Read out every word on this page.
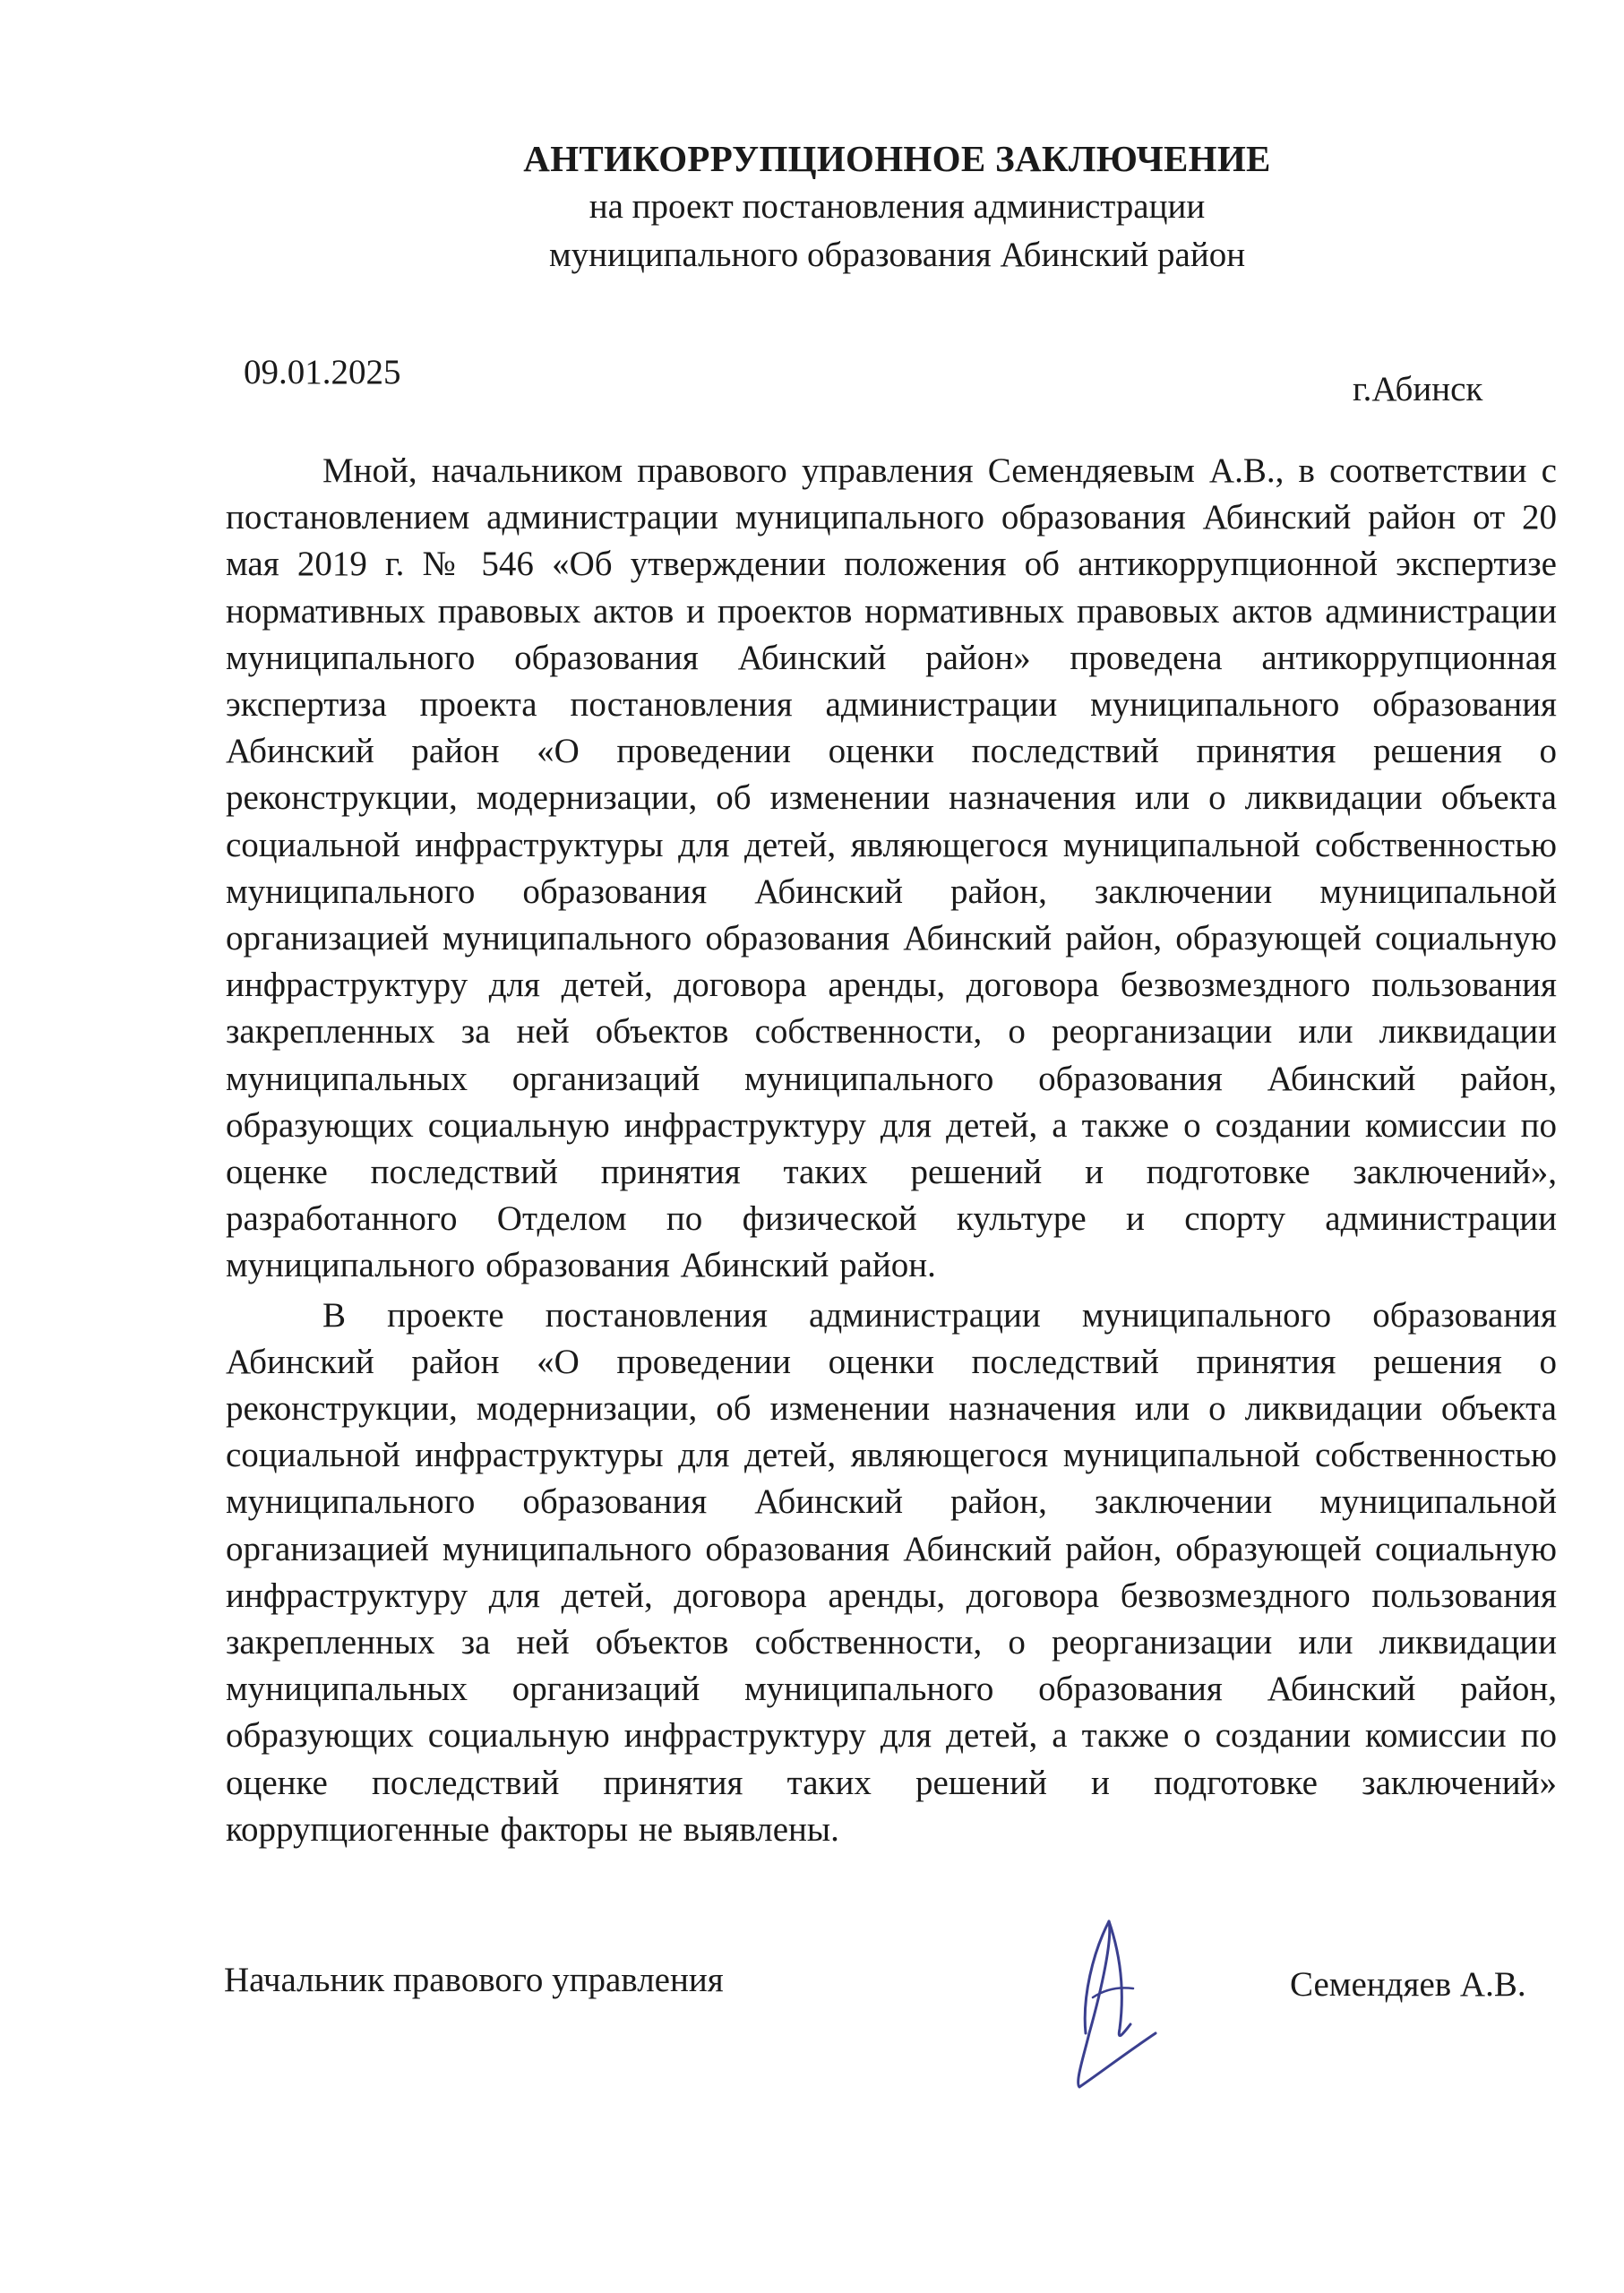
АНТИКОРРУПЦИОННОЕ ЗАКЛЮЧЕНИЕ
на проект постановления администрации
муниципального образования Абинский район
09.01.2025	г.Абинск

Мной, начальником правового управления Семендяевым А.В., в соответствии с постановлением администрации муниципального образования Абинский район от 20 мая 2019 г. № 546 «Об утверждении положения об антикоррупционной экспертизе нормативных правовых актов и проектов нормативных правовых актов администрации муниципального образования Абинский район» проведена антикоррупционная экспертиза проекта постановления администрации муниципального образования Абинский район «О проведении оценки последствий принятия решения о реконструкции, модернизации, об изменении назначения или о ликвидации объекта социальной инфраструктуры для детей, являющегося муниципальной собственностью муниципального образования Абинский район, заключении муниципальной организацией муниципального образования Абинский район, образующей социальную инфраструктуру для детей, договора аренды, договора безвозмездного пользования закрепленных за ней объектов собственности, о реорганизации или ликвидации муниципальных организаций муниципального образования Абинский район, образующих социальную инфраструктуру для детей, а также о создании комиссии по оценке последствий принятия таких решений и подготовке заключений», разработанного Отделом по физической культуре и спорту администрации муниципального образования Абинский район.

В проекте постановления администрации муниципального образования Абинский район «О проведении оценки последствий принятия решения о реконструкции, модернизации, об изменении назначения или о ликвидации объекта социальной инфраструктуры для детей, являющегося муниципальной собственностью муниципального образования Абинский район, заключении муниципальной организацией муниципального образования Абинский район, образующей социальную инфраструктуру для детей, договора аренды, договора безвозмездного пользования закрепленных за ней объектов собственности, о реорганизации или ликвидации муниципальных организаций муниципального образования Абинский район, образующих социальную инфраструктуру для детей, а также о создании комиссии по оценке последствий принятия таких решений и подготовке заключений» коррупциогенные факторы не выявлены.

Начальник правового управления	Семендяев А.В.
